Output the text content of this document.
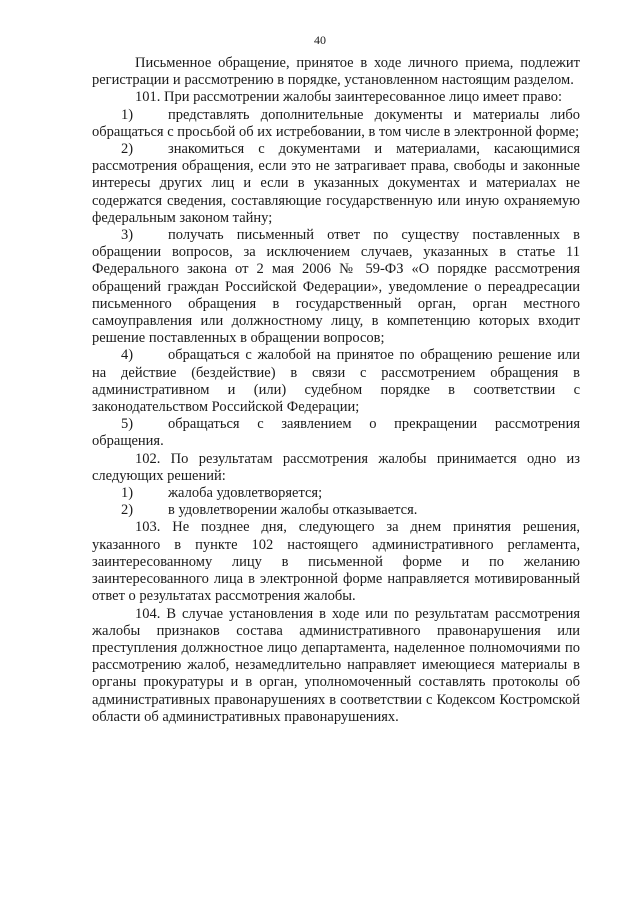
40

Письменное обращение, принятое в ходе личного приема, подлежит регистрации и рассмотрению в порядке, установленном настоящим разделом.

101. При рассмотрении жалобы заинтересованное лицо имеет право:

1) представлять дополнительные документы и материалы либо обращаться с просьбой об их истребовании, в том числе в электронной форме;

2) знакомиться с документами и материалами, касающимися рассмотрения обращения, если это не затрагивает права, свободы и законные интересы других лиц и если в указанных документах и материалах не содержатся сведения, составляющие государственную или иную охраняемую федеральным законом тайну;

3) получать письменный ответ по существу поставленных в обращении вопросов, за исключением случаев, указанных в статье 11 Федерального закона от 2 мая 2006 № 59-ФЗ «О порядке рассмотрения обращений граждан Российской Федерации», уведомление о переадресации письменного обращения в государственный орган, орган местного самоуправления или должностному лицу, в компетенцию которых входит решение поставленных в обращении вопросов;

4) обращаться с жалобой на принятое по обращению решение или на действие (бездействие) в связи с рассмотрением обращения в административном и (или) судебном порядке в соответствии с законодательством Российской Федерации;

5) обращаться с заявлением о прекращении рассмотрения обращения.

102. По результатам рассмотрения жалобы принимается одно из следующих решений:

1) жалоба удовлетворяется;

2) в удовлетворении жалобы отказывается.

103. Не позднее дня, следующего за днем принятия решения, указанного в пункте 102 настоящего административного регламента, заинтересованному лицу в письменной форме и по желанию заинтересованного лица в электронной форме направляется мотивированный ответ о результатах рассмотрения жалобы.

104. В случае установления в ходе или по результатам рассмотрения жалобы признаков состава административного правонарушения или преступления должностное лицо департамента, наделенное полномочиями по рассмотрению жалоб, незамедлительно направляет имеющиеся материалы в органы прокуратуры и в орган, уполномоченный составлять протоколы об административных правонарушениях в соответствии с Кодексом Костромской области об административных правонарушениях.
